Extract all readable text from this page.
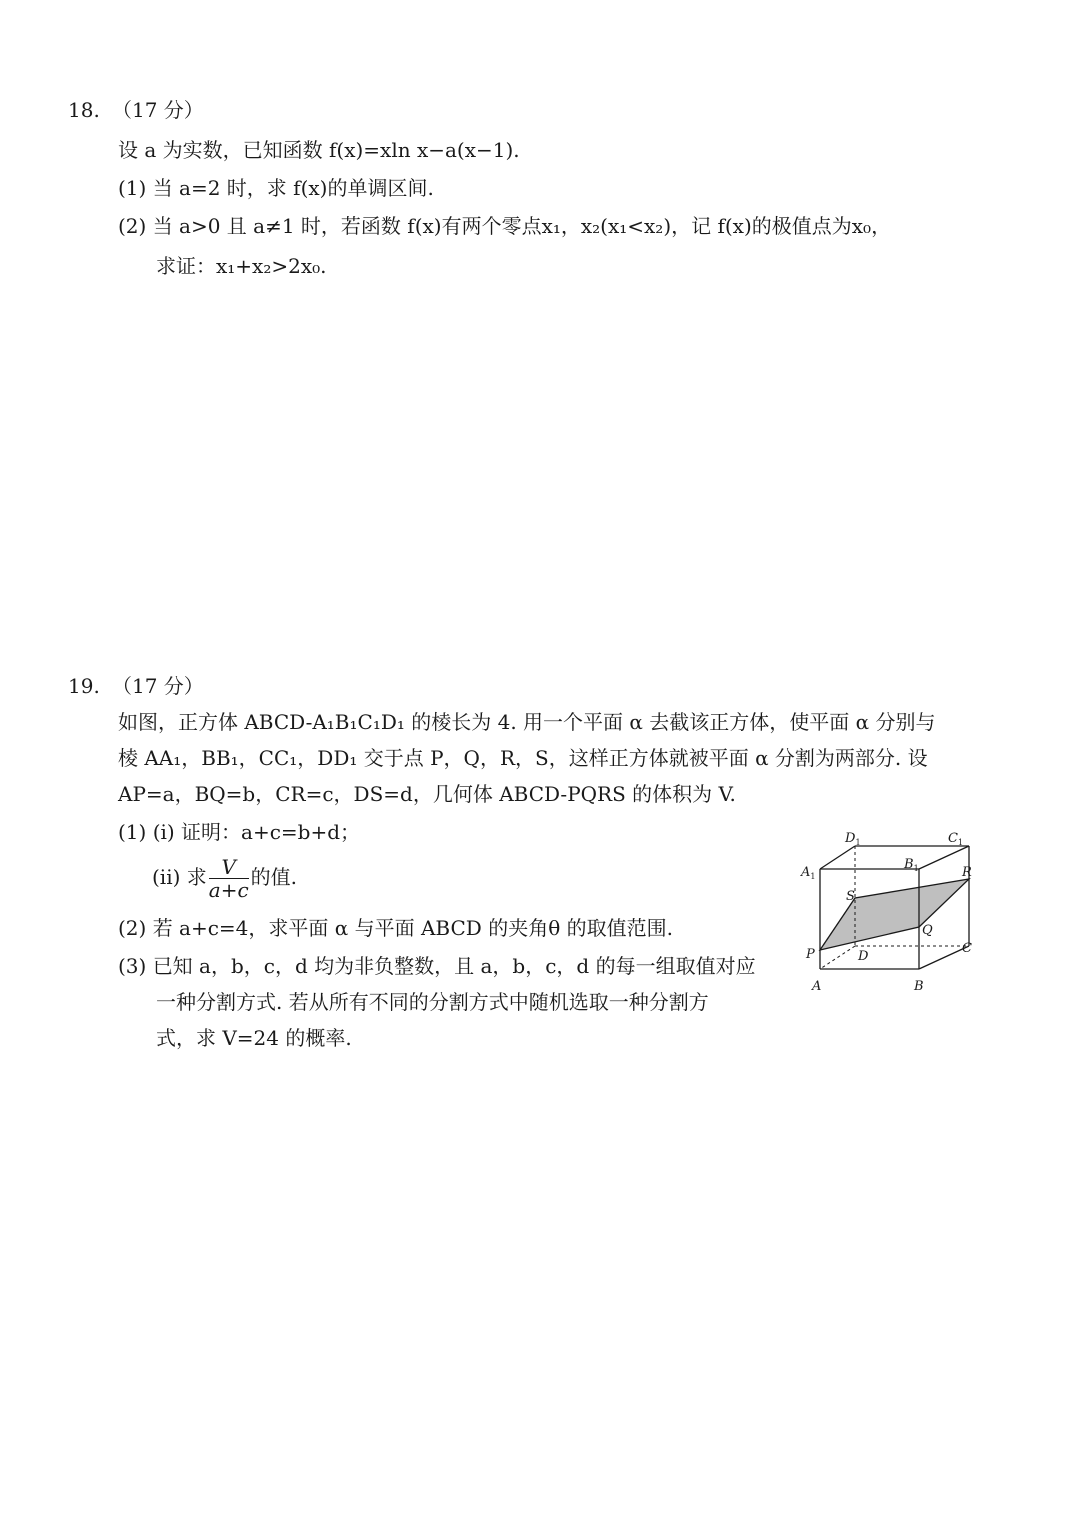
18. （17 分）
设 a 为实数，已知函数 f(x)=xln x−a(x−1).
(1) 当 a=2 时，求 f(x)的单调区间.
(2) 当 a>0 且 a≠1 时，若函数 f(x)有两个零点x₁，x₂(x₁<x₂)，记 f(x)的极值点为x₀，
求证：x₁+x₂>2x₀.
19. （17 分）
如图，正方体 ABCD-A₁B₁C₁D₁ 的棱长为 4. 用一个平面 α 去截该正方体，使平面 α 分别与
棱 AA₁，BB₁，CC₁，DD₁ 交于点 P，Q，R，S，这样正方体就被平面 α 分割为两部分. 设
AP=a，BQ=b，CR=c，DS=d，几何体 ABCD-PQRS 的体积为 V.
(1) (i) 证明：a+c=b+d；
(ii) 求 $\frac{V}{a+c}$ 的值.
(2) 若 a+c=4，求平面 α 与平面 ABCD 的夹角θ 的取值范围.
(3) 已知 a，b，c，d 均为非负整数，且 a，b，c，d 的每一组取值对应
一种分割方式. 若从所有不同的分割方式中随机选取一种分割方
式，求 V=24 的概率.
$D_1$	$C_1$
$A_1$
$B_1$	R
S
Q
P	D
C
A	B
